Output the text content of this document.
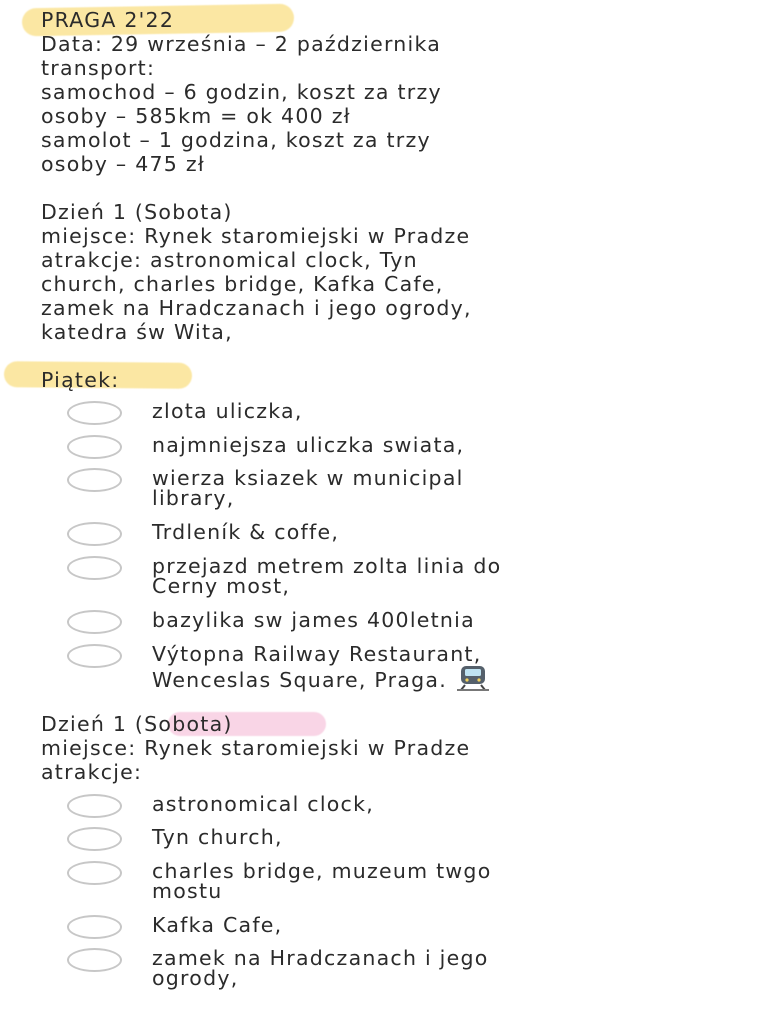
PRAGA 2'22
Data: 29 września – 2 października
transport:
samochod – 6 godzin, koszt za trzy
osoby – 585km = ok 400 zł
samolot – 1 godzina, koszt za trzy
osoby – 475 zł
Dzień 1 (Sobota)
miejsce: Rynek staromiejski w Pradze
atrakcje: astronomical clock, Tyn
church, charles bridge, Kafka Cafe,
zamek na Hradczanach i jego ogrody,
katedra św Wita,
Piątek:
zlota uliczka,
najmniejsza uliczka swiata,
wierza ksiazek w municipal
library,
Trdleník & coffe,
przejazd metrem zolta linia do
Cerny most,
bazylika sw james 400letnia
Výtopna Railway Restaurant,
Wenceslas Square, Praga.
Dzień 1 (Sobota)
miejsce: Rynek staromiejski w Pradze
atrakcje:
astronomical clock,
Tyn church,
charles bridge, muzeum twgo
mostu
Kafka Cafe,
zamek na Hradczanach i jego
ogrody,
